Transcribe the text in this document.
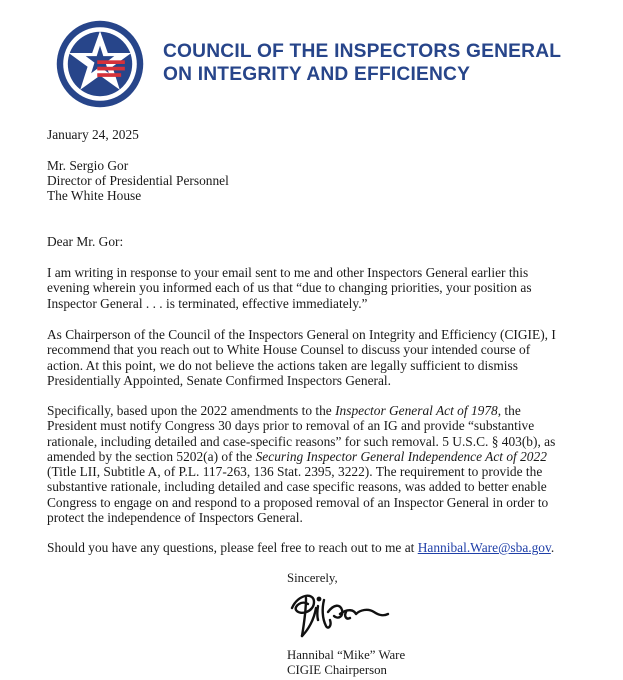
COUNCIL OF THE INSPECTORS GENERAL
ON INTEGRITY AND EFFICIENCY
January 24, 2025
Mr. Sergio Gor
Director of Presidential Personnel
The White House
Dear Mr. Gor:
I am writing in response to your email sent to me and other Inspectors General earlier this
evening wherein you informed each of us that “due to changing priorities, your position as
Inspector General . . . is terminated, effective immediately.”
As Chairperson of the Council of the Inspectors General on Integrity and Efficiency (CIGIE), I
recommend that you reach out to White House Counsel to discuss your intended course of
action. At this point, we do not believe the actions taken are legally sufficient to dismiss
Presidentially Appointed, Senate Confirmed Inspectors General.
Specifically, based upon the 2022 amendments to the Inspector General Act of 1978, the
President must notify Congress 30 days prior to removal of an IG and provide “substantive
rationale, including detailed and case-specific reasons” for such removal. 5 U.S.C. § 403(b), as
amended by the section 5202(a) of the Securing Inspector General Independence Act of 2022
(Title LII, Subtitle A, of P.L. 117-263, 136 Stat. 2395, 3222). The requirement to provide the
substantive rationale, including detailed and case specific reasons, was added to better enable
Congress to engage on and respond to a proposed removal of an Inspector General in order to
protect the independence of Inspectors General.
Should you have any questions, please feel free to reach out to me at Hannibal.Ware@sba.gov.
Sincerely,
Hannibal “Mike” Ware
CIGIE Chairperson
